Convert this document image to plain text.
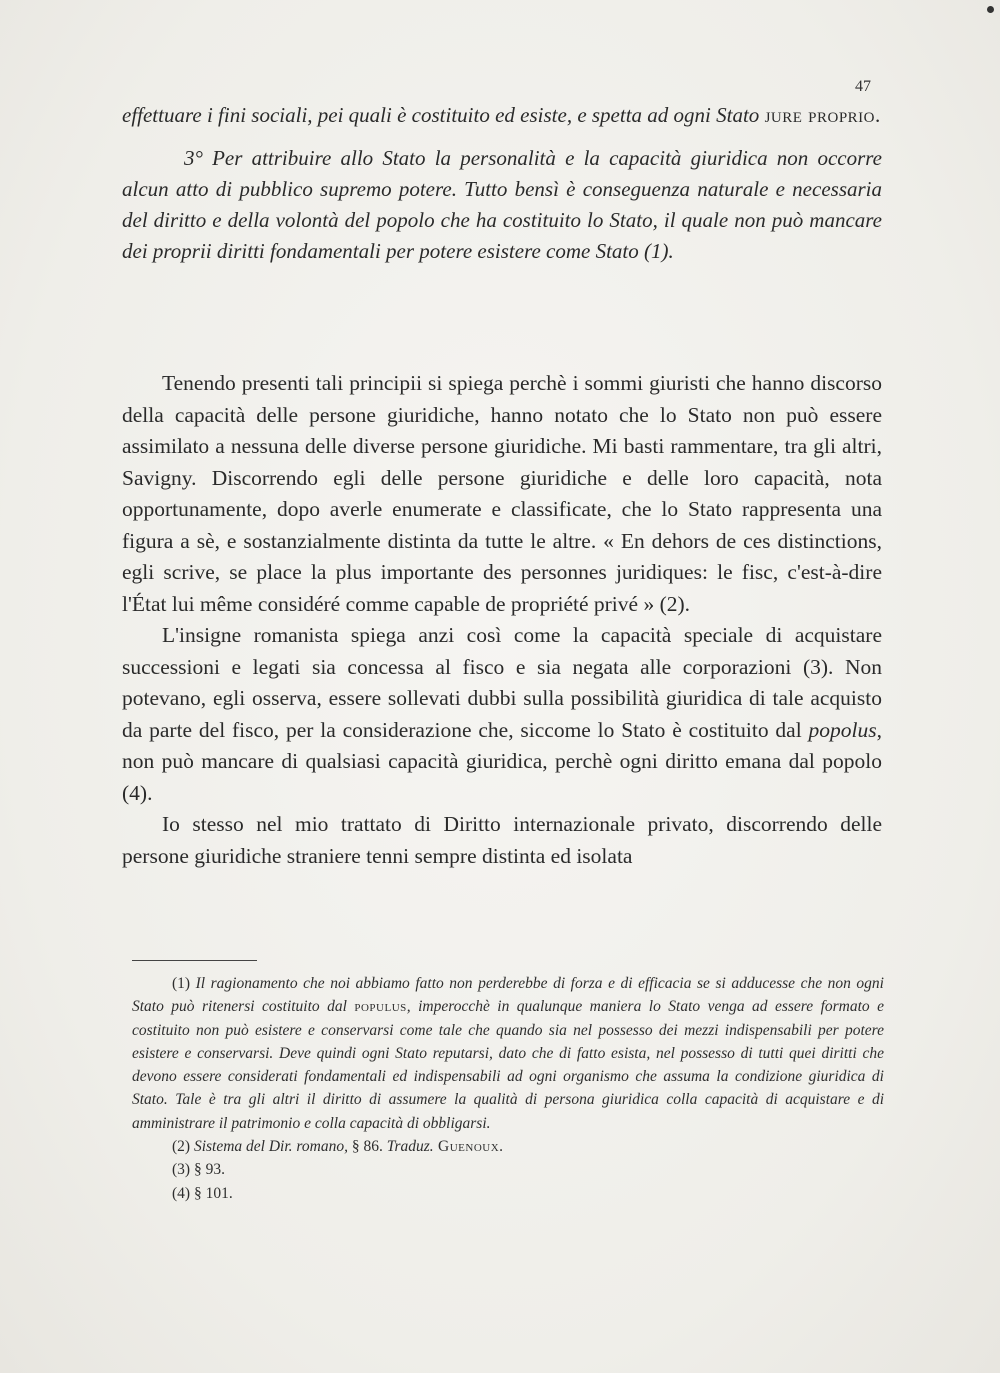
47

effettuare i fini sociali, pei quali è costituito ed esiste, e spetta ad ogni Stato jure proprio.

3° Per attribuire allo Stato la personalità e la capacità giuridica non occorre alcun atto di pubblico supremo potere. Tutto bensì è conseguenza naturale e necessaria del diritto e della volontà del popolo che ha costituito lo Stato, il quale non può mancare dei proprii diritti fondamentali per potere esistere come Stato (1).

Tenendo presenti tali principii si spiega perchè i sommi giuristi che hanno discorso della capacità delle persone giuridiche, hanno notato che lo Stato non può essere assimilato a nessuna delle diverse persone giuridiche. Mi basti rammentare, tra gli altri, Savigny. Discorrendo egli delle persone giuridiche e delle loro capacità, nota opportunamente, dopo averle enumerate e classificate, che lo Stato rappresenta una figura a sè, e sostanzialmente distinta da tutte le altre. « En dehors de ces distinctions, egli scrive, se place la plus importante des personnes juridiques: le fisc, c'est-à-dire l'État lui même considéré comme capable de propriété privé » (2).

L'insigne romanista spiega anzi così come la capacità speciale di acquistare successioni e legati sia concessa al fisco e sia negata alle corporazioni (3). Non potevano, egli osserva, essere sollevati dubbi sulla possibilità giuridica di tale acquisto da parte del fisco, per la considerazione che, siccome lo Stato è costituito dal popolus, non può mancare di qualsiasi capacità giuridica, perchè ogni diritto emana dal popolo (4).

Io stesso nel mio trattato di Diritto internazionale privato, discorrendo delle persone giuridiche straniere tenni sempre distinta ed isolata

(1) Il ragionamento che noi abbiamo fatto non perderebbe di forza e di efficacia se si adducesse che non ogni Stato può ritenersi costituito dal populus, imperocchè in qualunque maniera lo Stato venga ad essere formato e costituito non può esistere e conservarsi come tale che quando sia nel possesso dei mezzi indispensabili per potere esistere e conservarsi. Deve quindi ogni Stato reputarsi, dato che di fatto esista, nel possesso di tutti quei diritti che devono essere considerati fondamentali ed indispensabili ad ogni organismo che assuma la condizione giuridica di Stato. Tale è tra gli altri il diritto di assumere la qualità di persona giuridica colla capacità di acquistare e di amministrare il patrimonio e colla capacità di obbligarsi.

(2) Sistema del Dir. romano, § 86. Traduz. Guenoux.

(3) § 93.

(4) § 101.
